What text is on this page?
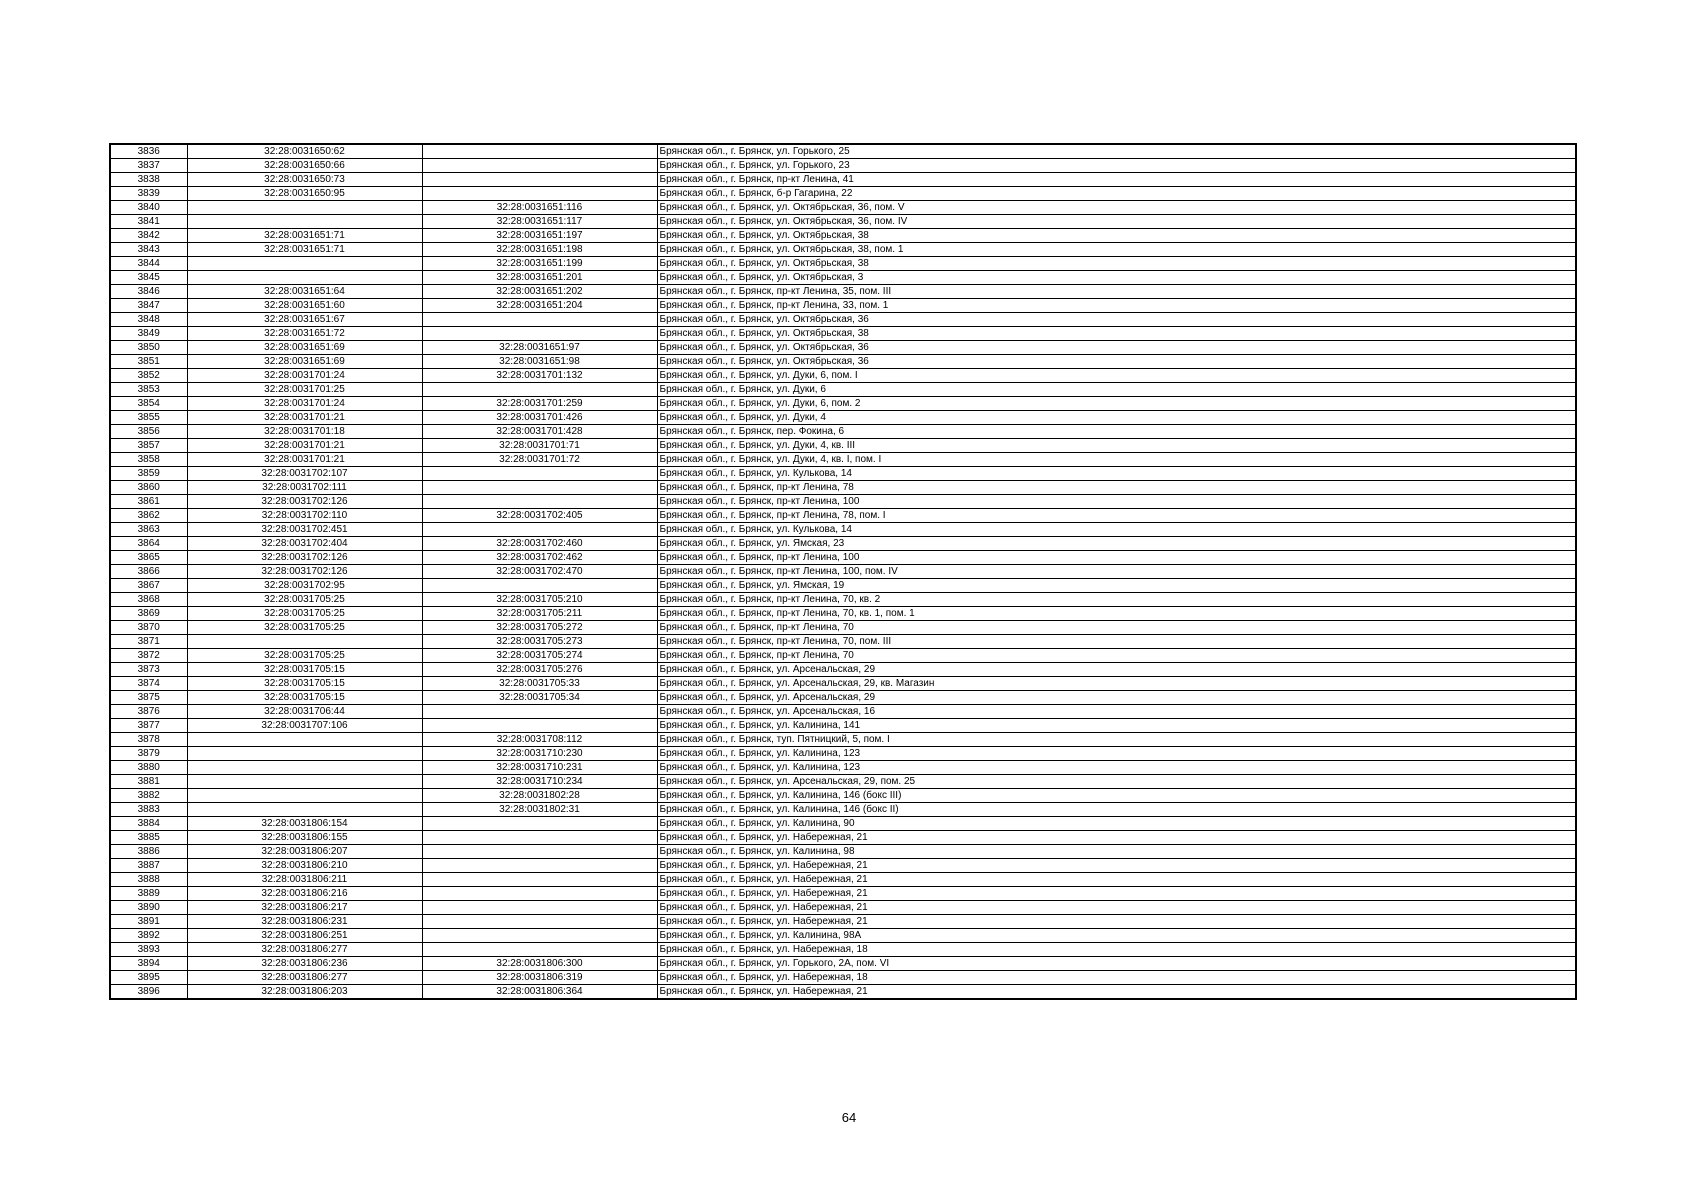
3836	32:28:0031650:62		Брянская обл., г. Брянск, ул. Горького, 25
3837	32:28:0031650:66		Брянская обл., г. Брянск, ул. Горького, 23
3838	32:28:0031650:73		Брянская обл., г. Брянск, пр-кт Ленина, 41
3839	32:28:0031650:95		Брянская обл., г. Брянск, б-р Гагарина, 22
3840		32:28:0031651:116	Брянская обл., г. Брянск, ул. Октябрьская, 36, пом. V
3841		32:28:0031651:117	Брянская обл., г. Брянск, ул. Октябрьская, 36, пом. IV
3842	32:28:0031651:71	32:28:0031651:197	Брянская обл., г. Брянск, ул. Октябрьская, 38
3843	32:28:0031651:71	32:28:0031651:198	Брянская обл., г. Брянск, ул. Октябрьская, 38, пом. 1
3844		32:28:0031651:199	Брянская обл., г. Брянск, ул. Октябрьская, 38
3845		32:28:0031651:201	Брянская обл., г. Брянск, ул. Октябрьская, 3
3846	32:28:0031651:64	32:28:0031651:202	Брянская обл., г. Брянск, пр-кт Ленина, 35, пом. III
3847	32:28:0031651:60	32:28:0031651:204	Брянская обл., г. Брянск, пр-кт Ленина, 33, пом. 1
3848	32:28:0031651:67		Брянская обл., г. Брянск, ул. Октябрьская, 36
3849	32:28:0031651:72		Брянская обл., г. Брянск, ул. Октябрьская, 38
3850	32:28:0031651:69	32:28:0031651:97	Брянская обл., г. Брянск, ул. Октябрьская, 36
3851	32:28:0031651:69	32:28:0031651:98	Брянская обл., г. Брянск, ул. Октябрьская, 36
3852	32:28:0031701:24	32:28:0031701:132	Брянская обл., г. Брянск, ул. Дуки, 6, пом. I
3853	32:28:0031701:25		Брянская обл., г. Брянск, ул. Дуки, 6
3854	32:28:0031701:24	32:28:0031701:259	Брянская обл., г. Брянск, ул. Дуки, 6, пом. 2
3855	32:28:0031701:21	32:28:0031701:426	Брянская обл., г. Брянск, ул. Дуки, 4
3856	32:28:0031701:18	32:28:0031701:428	Брянская обл., г. Брянск, пер. Фокина, 6
3857	32:28:0031701:21	32:28:0031701:71	Брянская обл., г. Брянск, ул. Дуки, 4, кв. III
3858	32:28:0031701:21	32:28:0031701:72	Брянская обл., г. Брянск, ул. Дуки, 4, кв. I, пом. I
3859	32:28:0031702:107		Брянская обл., г. Брянск, ул. Кулькова, 14
3860	32:28:0031702:111		Брянская обл., г. Брянск, пр-кт Ленина, 78
3861	32:28:0031702:126		Брянская обл., г. Брянск, пр-кт Ленина, 100
3862	32:28:0031702:110	32:28:0031702:405	Брянская обл., г. Брянск, пр-кт Ленина, 78, пом. I
3863	32:28:0031702:451		Брянская обл., г. Брянск, ул. Кулькова, 14
3864	32:28:0031702:404	32:28:0031702:460	Брянская обл., г. Брянск, ул. Ямская, 23
3865	32:28:0031702:126	32:28:0031702:462	Брянская обл., г. Брянск, пр-кт Ленина, 100
3866	32:28:0031702:126	32:28:0031702:470	Брянская обл., г. Брянск, пр-кт Ленина, 100, пом. IV
3867	32:28:0031702:95		Брянская обл., г. Брянск, ул. Ямская, 19
3868	32:28:0031705:25	32:28:0031705:210	Брянская обл., г. Брянск, пр-кт Ленина, 70, кв. 2
3869	32:28:0031705:25	32:28:0031705:211	Брянская обл., г. Брянск, пр-кт Ленина, 70, кв. 1, пом. 1
3870	32:28:0031705:25	32:28:0031705:272	Брянская обл., г. Брянск, пр-кт Ленина, 70
3871		32:28:0031705:273	Брянская обл., г. Брянск, пр-кт Ленина, 70, пом. III
3872	32:28:0031705:25	32:28:0031705:274	Брянская обл., г. Брянск, пр-кт Ленина, 70
3873	32:28:0031705:15	32:28:0031705:276	Брянская обл., г. Брянск, ул. Арсенальская, 29
3874	32:28:0031705:15	32:28:0031705:33	Брянская обл., г. Брянск, ул. Арсенальская, 29, кв. Магазин
3875	32:28:0031705:15	32:28:0031705:34	Брянская обл., г. Брянск, ул. Арсенальская, 29
3876	32:28:0031706:44		Брянская обл., г. Брянск, ул. Арсенальская, 16
3877	32:28:0031707:106		Брянская обл., г. Брянск, ул. Калинина, 141
3878		32:28:0031708:112	Брянская обл., г. Брянск, туп. Пятницкий, 5, пом. I
3879		32:28:0031710:230	Брянская обл., г. Брянск, ул. Калинина, 123
3880		32:28:0031710:231	Брянская обл., г. Брянск, ул. Калинина, 123
3881		32:28:0031710:234	Брянская обл., г. Брянск, ул. Арсенальская, 29, пом. 25
3882		32:28:0031802:28	Брянская обл., г. Брянск, ул. Калинина, 146 (бокс III)
3883		32:28:0031802:31	Брянская обл., г. Брянск, ул. Калинина, 146 (бокс II)
3884	32:28:0031806:154		Брянская обл., г. Брянск, ул. Калинина, 90
3885	32:28:0031806:155		Брянская обл., г. Брянск, ул. Набережная, 21
3886	32:28:0031806:207		Брянская обл., г. Брянск, ул. Калинина, 98
3887	32:28:0031806:210		Брянская обл., г. Брянск, ул. Набережная, 21
3888	32:28:0031806:211		Брянская обл., г. Брянск, ул. Набережная, 21
3889	32:28:0031806:216		Брянская обл., г. Брянск, ул. Набережная, 21
3890	32:28:0031806:217		Брянская обл., г. Брянск, ул. Набережная, 21
3891	32:28:0031806:231		Брянская обл., г. Брянск, ул. Набережная, 21
3892	32:28:0031806:251		Брянская обл., г. Брянск, ул. Калинина, 98А
3893	32:28:0031806:277		Брянская обл., г. Брянск, ул. Набережная, 18
3894	32:28:0031806:236	32:28:0031806:300	Брянская обл., г. Брянск, ул. Горького, 2А, пом. VI
3895	32:28:0031806:277	32:28:0031806:319	Брянская обл., г. Брянск, ул. Набережная, 18
3896	32:28:0031806:203	32:28:0031806:364	Брянская обл., г. Брянск, ул. Набережная, 21
64
